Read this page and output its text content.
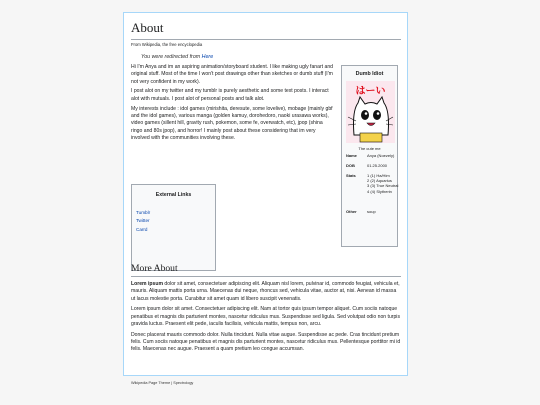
About
From Wikipedia, the free encyclopedia
You were redirected from Here

Hi I'm Anya and im an aspiring animation/storyboard student. I like making ugly fanart and original stuff. Most of the time I won't post drawings other than sketches or dumb stuff (I'm not very confident in my work).

I post alot on my twitter and my tumblr is purely aesthetic and some text posts. I interact alot with mutuals. I post alot of personal posts and talk alot.

My interests include : idol games (mirishita, deresute, some lovelive), mobage (mainly gbf and the idol games), various manga (golden kamuy, dorohedoro, naoki urasawa works), video games (sillent hill, gravity rush, pokemon, some fe, overwatch, etc), jpop (shina ringo and 80s jpop), and horror! I mainly post about these considering that im very involved with the communities involving these.

External Links
Tumblr
Twitter
Carrd
Dumb Idiot
はーい
The cute me
Name	Anya (Noezely)
DOB	01.25.2000
Stats	1 (1) Ha/Him
2 (2) Aquarius
3 (3) True Neutral
4 (4) Slytherin
Other	soup
More About

Lorem ipsum dolor sit amet, consectetuer adipiscing elit. Aliquam nisl lorem, pulvinar id, commodo feugiat, vehicula et, mauris. Aliquam mattis porta urna. Maecenas dui neque, rhoncus sed, vehicula vitae, auctor at, nisi. Aenean id massa ut lacus molestie porta. Curabitur sit amet quam id libero suscipit venenatis.

Lorem ipsum dolor sit amet. Consectetuer adipiscing elit. Nam at tortor quis ipsum tempor aliquet. Cum sociis natoque penatibus et magnis dis parturient montes, nascetur ridiculus mus. Suspendisse sed ligula. Sed volutpat odio non turpis gravida luctus. Praesent elit pede, iaculis facilisis, vehicula mattis, tempus non, arcu.

Donec placerat mauris commodo dolor. Nulla tincidunt. Nulla vitae augue. Suspendisse ac pede. Cras tincidunt pretium felis. Cum sociis natoque penatibus et magnis dis parturient montes, nascetur ridiculus mus. Pellentesque porttitor mi id felis. Maecenas nec augue. Praesent a quam pretium leo congue accumsan.

Wikipedia Page Theme | Spectrology
